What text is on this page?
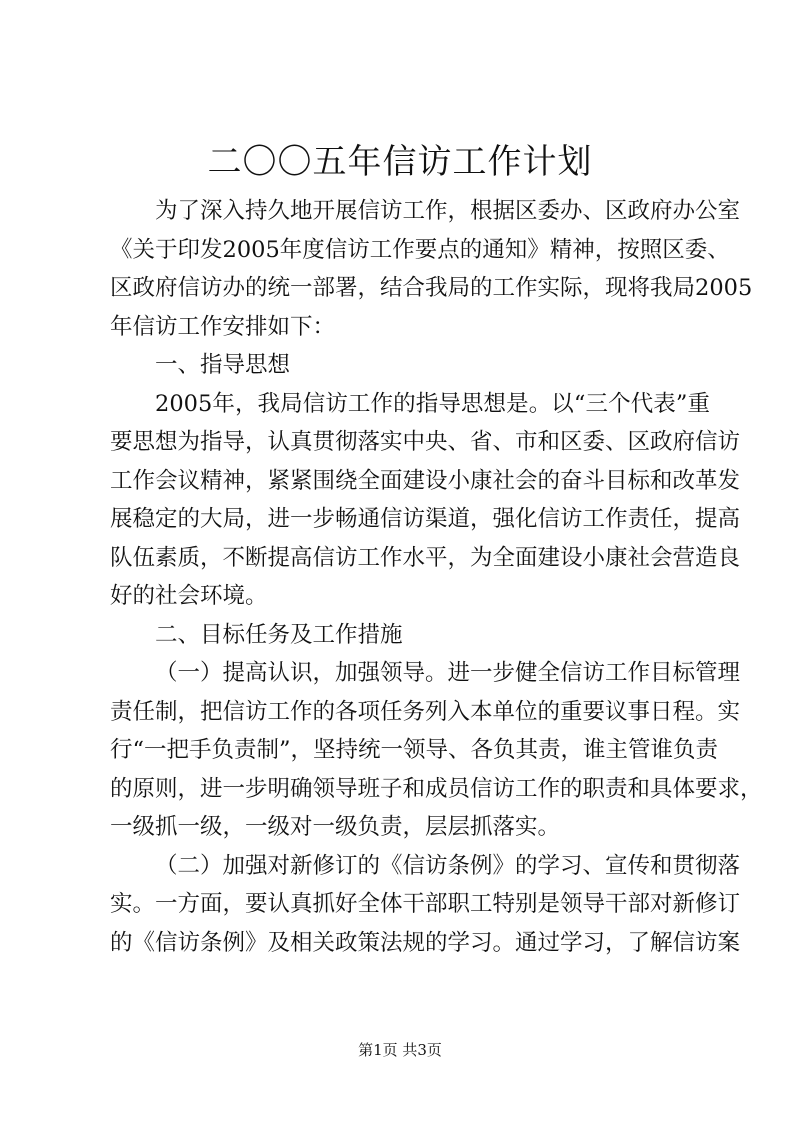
二〇〇五年信访工作计划
为了深入持久地开展信访工作，根据区委办、区政府办公室
《关于印发2005年度信访工作要点的通知》精神，按照区委、
区政府信访办的统一部署，结合我局的工作实际，现将我局2005
年信访工作安排如下：
一、指导思想
2005年，我局信访工作的指导思想是。以“三个代表”重
要思想为指导，认真贯彻落实中央、省、市和区委、区政府信访
工作会议精神，紧紧围绕全面建设小康社会的奋斗目标和改革发
展稳定的大局，进一步畅通信访渠道，强化信访工作责任，提高
队伍素质，不断提高信访工作水平，为全面建设小康社会营造良
好的社会环境。
二、目标任务及工作措施
（一）提高认识，加强领导。进一步健全信访工作目标管理
责任制，把信访工作的各项任务列入本单位的重要议事日程。实
行“一把手负责制”，坚持统一领导、各负其责，谁主管谁负责
的原则，进一步明确领导班子和成员信访工作的职责和具体要求，
一级抓一级，一级对一级负责，层层抓落实。
（二）加强对新修订的《信访条例》的学习、宣传和贯彻落
实。一方面，要认真抓好全体干部职工特别是领导干部对新修订
的《信访条例》及相关政策法规的学习。通过学习，了解信访案
第1页 共3页
